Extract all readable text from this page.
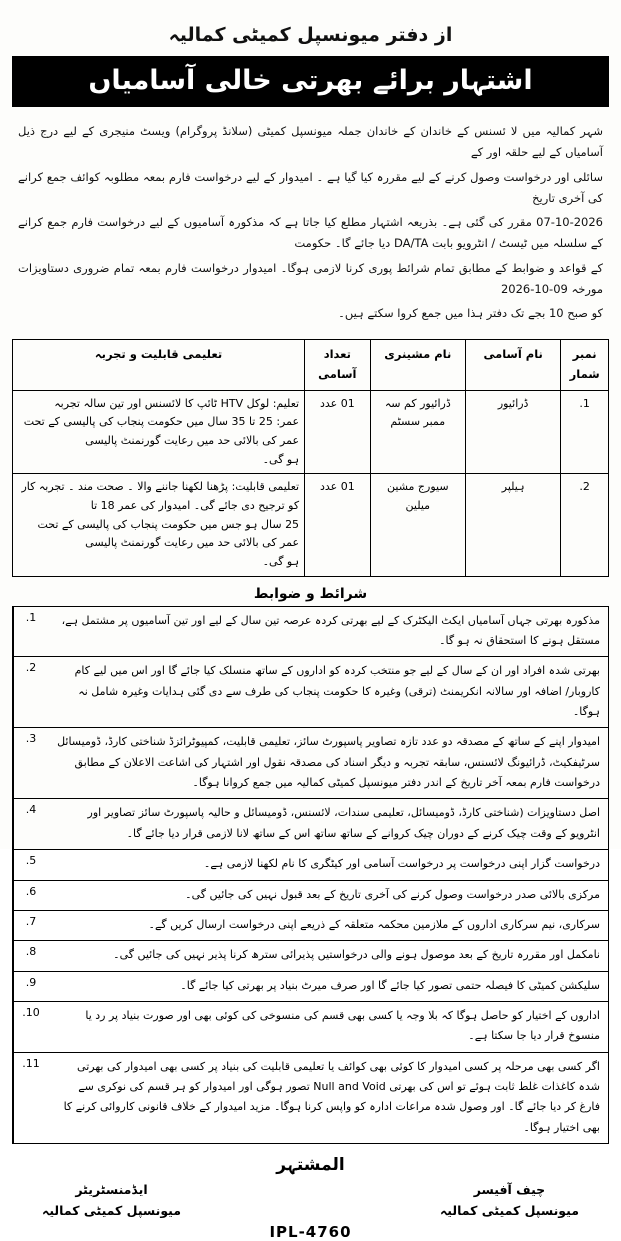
از دفتر میونسپل کمیٹی کمالیہ
اشتہار برائے بھرتی خالی آسامیاں

شہر کمالیہ میں لا ئسنس کے خاندان کے خاندان جملہ میونسپل کمیٹی (سلانڈ پروگرام) ویسٹ منیجری کے لیے درج ذیل آسامیاں کے لیے حلقہ اور کے

سائلی اور درخواست وصول کرنے کے لیے مقررہ کیا گیا ہے ۔ امیدوار کے لیے درخواست فارم بمعہ مطلوبہ کوائف جمع کرانے کی آخری تاریخ

07-10-2026 مقرر کی گئی ہے۔ بذریعہ اشتہار مطلع کیا جاتا ہے کہ مذکورہ آسامیوں کے لیے درخواست فارم جمع کرانے کے سلسلہ میں ٹیسٹ / انٹرویو بابت DA/TA دیا جائے گا۔ حکومت

کے قواعد و ضوابط کے مطابق تمام شرائط پوری کرنا لازمی ہوگا۔ امیدوار درخواست فارم بمعہ تمام ضروری دستاویزات مورخہ 09-10-2026

کو صبح 10 بجے تک دفتر ہذا میں جمع کروا سکتے ہیں۔

نمبر شمار	نام آسامی	نام مشینری	تعداد آسامی	تعلیمی قابلیت و تجربہ
1.	ڈرائیور	ڈرائیور کم سہ ممبر سسٹم	01 عدد	تعلیم: لوکل HTV ٹائپ کا لائسنس اور تین سالہ تجربہ
عمر: 25 تا 35 سال میں حکومت پنجاب کی پالیسی کے تحت عمر کی بالائی حد میں رعایت گورنمنٹ پالیسی
ہو گی۔

2.	ہیلپر	سیورج مشین میلین	01 عدد	تعلیمی قابلیت: پڑھنا لکھنا جاننے والا ۔ صحت مند ۔ تجربہ کار کو ترجیح دی جائے گی۔ امیدوار کی عمر 18 تا
25 سال ہو جس میں حکومت پنجاب کی پالیسی کے تحت عمر کی بالائی حد میں رعایت گورنمنٹ پالیسی
ہو گی۔
شرائط و ضوابط
1.	مذکورہ بھرتی جہاں آسامیاں ایکٹ الیکٹرک کے لیے بھرتی کردہ عرصہ تین سال کے لیے اور تین آسامیوں پر مشتمل ہے، مستقل ہونے کا استحقاق نہ ہو گا۔
2.	بھرتی شدہ افراد اور ان کے سال کے لیے جو منتخب کردہ کو اداروں کے ساتھ منسلک کیا جائے گا اور اس میں لیے کام کاروبار/ اضافہ اور سالانہ انکریمنٹ (ترقی) وغیرہ کا حکومت پنجاب کی طرف سے دی گئی ہدایات وغیرہ شامل نہ ہوگا۔
3.	امیدوار اپنے کے ساتھ کے مصدقہ دو عدد تازہ تصاویر پاسپورٹ سائز، تعلیمی قابلیت، کمپیوٹرائزڈ شناختی کارڈ، ڈومیسائل سرٹیفکیٹ، ڈرائیونگ لائسنس، سابقہ تجربہ و دیگر اسناد کی مصدقہ نقول اور اشتہار کی اشاعت الاعلان کے مطابق درخواست فارم بمعہ آخر تاریخ کے اندر دفتر میونسپل کمیٹی کمالیہ میں جمع کروانا ہوگا۔
4.	اصل دستاویزات (شناختی کارڈ، ڈومیسائل، تعلیمی سندات، لائسنس، ڈومیسائل و حالیہ پاسپورٹ سائز تصاویر اور انٹرویو کے وقت چیک کرنے کے دوران چیک کروانے کے ساتھ ساتھ اس کے ساتھ لانا لازمی قرار دیا جائے گا۔
5.	درخواست گزار اپنی درخواست پر درخواست آسامی اور کیٹگری کا نام لکھنا لازمی ہے۔
6.	مرکزی بالائی صدر درخواست وصول کرنے کی آخری تاریخ کے بعد قبول نہیں کی جائیں گی۔
7.	سرکاری، نیم سرکاری اداروں کے ملازمین محکمہ متعلقہ کے ذریعے اپنی درخواست ارسال کریں گے۔
8.	نامکمل اور مقررہ تاریخ کے بعد موصول ہونے والی درخواستیں پذیرائی سترھ کرنا پذیر نہیں کی جائیں گی۔
9.	سلیکشن کمیٹی کا فیصلہ حتمی تصور کیا جائے گا اور صرف میرٹ بنیاد پر بھرتی کیا جائے گا۔
10.	اداروں کے اختیار کو حاصل ہوگا کہ بلا وجہ یا کسی بھی قسم کی منسوخی کی کوئی بھی اور صورت بنیاد پر رد یا منسوخ قرار دیا جا سکتا ہے۔
11.	اگر کسی بھی مرحلہ پر کسی امیدوار کا کوئی بھی کوائف یا تعلیمی قابلیت کی بنیاد پر کسی بھی امیدوار کی بھرتی شدہ کاغذات غلط ثابت ہوئے تو اس کی بھرتی Null and Void تصور ہوگی اور امیدوار کو ہر قسم کی نوکری سے فارغ کر دیا جائے گا۔ اور وصول شدہ مراعات ادارہ کو واپس کرنا ہوگا۔ مزید امیدوار کے خلاف قانونی کاروائی کرنے کا بھی اختیار ہوگا۔
المشتہر
ایڈمنسٹریٹر
میونسپل کمیٹی کمالیہ
چیف آفیسر
میونسپل کمیٹی کمالیہ
IPL-4760
